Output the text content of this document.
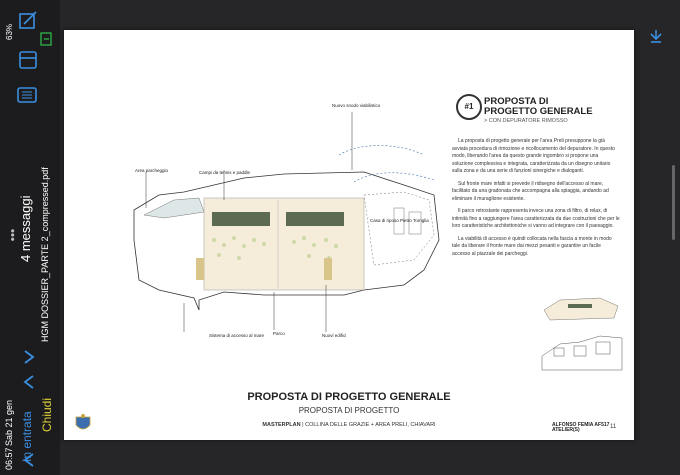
06:57
Sab 21 gen
63%
•••
4 messaggi HGM DOSSIER_PARTE 2_compressed.pdf
In entrata Chiudi
Nuovo snodo viabilistico
Area parcheggio	Campi da tennis e paddle
Casa di riposo Pietro Torriglia
Sistema di accesso al mare Parco	Nuovi edifici
#1	PROPOSTA DI PROGETTO GENERALE
> CON DEPURATORE RIMOSSO

La proposta di progetto generale per l'area Preli presuppone la già avviata procedura di rimozione e ricollocamento del depuratore. In questo modo, liberando l'area da questo grande ingombro si propone una soluzione complessiva e integrata, caratterizzata da un disegno unitario sulla zona e da una serie di funzioni sinergiche e dialoganti.

Sul fronte mare infatti si prevede il ridisegno dell'accesso al mare, facilitato da una gradonata che accompagna alla spiaggia, andando ad eliminare il muraglione esistente.

Il parco retrostante rappresenta invece una zona di filtro, di relax, di intimità fino a raggiungere l'area caratterizzata da due costruzioni che per le loro caratteristiche architettoniche si vanno ad integrare con il paesaggio.

La viabilità di accesso è quindi collocata nella fascia a monte in modo tale da liberare il fronte mare dai mezzi pesanti e garantire un facile accesso al piazzale dei parcheggi.

PROPOSTA DI PROGETTO GENERALE
PROPOSTA DI PROGETTO
MASTERPLAN | COLLINA DELLE GRAZIE + AREA PRELI, CHIAVARI	ALFONSO FEMIA AF517
ATELIER(S)	11
